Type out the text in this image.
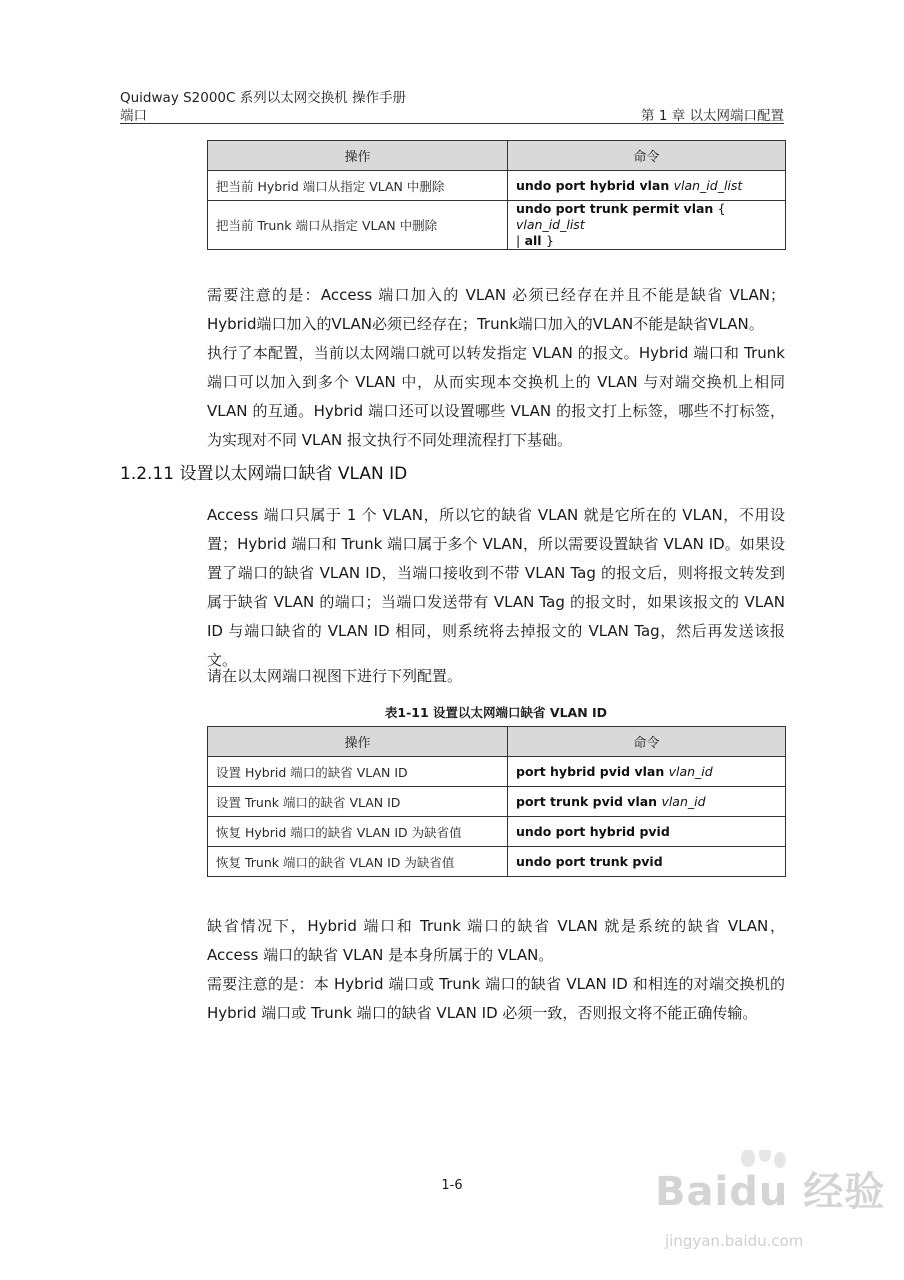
Quidway S2000C 系列以太网交换机 操作手册
端口	第 1 章 以太网端口配置
操作	命令
把当前 Hybrid 端口从指定 VLAN 中删除	undo port hybrid vlan vlan_id_list
把当前 Trunk 端口从指定 VLAN 中删除	undo port trunk permit vlan { vlan_id_list
| all }
需要注意的是：Access 端口加入的 VLAN 必须已经存在并且不能是缺省 VLAN；Hybrid端口加入的VLAN必须已经存在；Trunk端口加入的VLAN不能是缺省VLAN。
执行了本配置，当前以太网端口就可以转发指定 VLAN 的报文。Hybrid 端口和 Trunk 端口可以加入到多个 VLAN 中，从而实现本交换机上的 VLAN 与对端交换机上相同 VLAN 的互通。Hybrid 端口还可以设置哪些 VLAN 的报文打上标签，哪些不打标签，为实现对不同 VLAN 报文执行不同处理流程打下基础。
1.2.11 设置以太网端口缺省 VLAN ID
Access 端口只属于 1 个 VLAN，所以它的缺省 VLAN 就是它所在的 VLAN，不用设置；Hybrid 端口和 Trunk 端口属于多个 VLAN，所以需要设置缺省 VLAN ID。如果设置了端口的缺省 VLAN ID，当端口接收到不带 VLAN Tag 的报文后，则将报文转发到属于缺省 VLAN 的端口；当端口发送带有 VLAN Tag 的报文时，如果该报文的 VLAN ID 与端口缺省的 VLAN ID 相同，则系统将去掉报文的 VLAN Tag，然后再发送该报文。
请在以太网端口视图下进行下列配置。
表1-11 设置以太网端口缺省 VLAN ID
操作	命令
设置 Hybrid 端口的缺省 VLAN ID	port hybrid pvid vlan vlan_id
设置 Trunk 端口的缺省 VLAN ID	port trunk pvid vlan vlan_id
恢复 Hybrid 端口的缺省 VLAN ID 为缺省值	undo port hybrid pvid
恢复 Trunk 端口的缺省 VLAN ID 为缺省值	undo port trunk pvid
缺省情况下，Hybrid 端口和 Trunk 端口的缺省 VLAN 就是系统的缺省 VLAN，Access 端口的缺省 VLAN 是本身所属于的 VLAN。
需要注意的是：本 Hybrid 端口或 Trunk 端口的缺省 VLAN ID 和相连的对端交换机的 Hybrid 端口或 Trunk 端口的缺省 VLAN ID 必须一致，否则报文将不能正确传输。
1-6	Baidu 经验
jingyan.baidu.com
